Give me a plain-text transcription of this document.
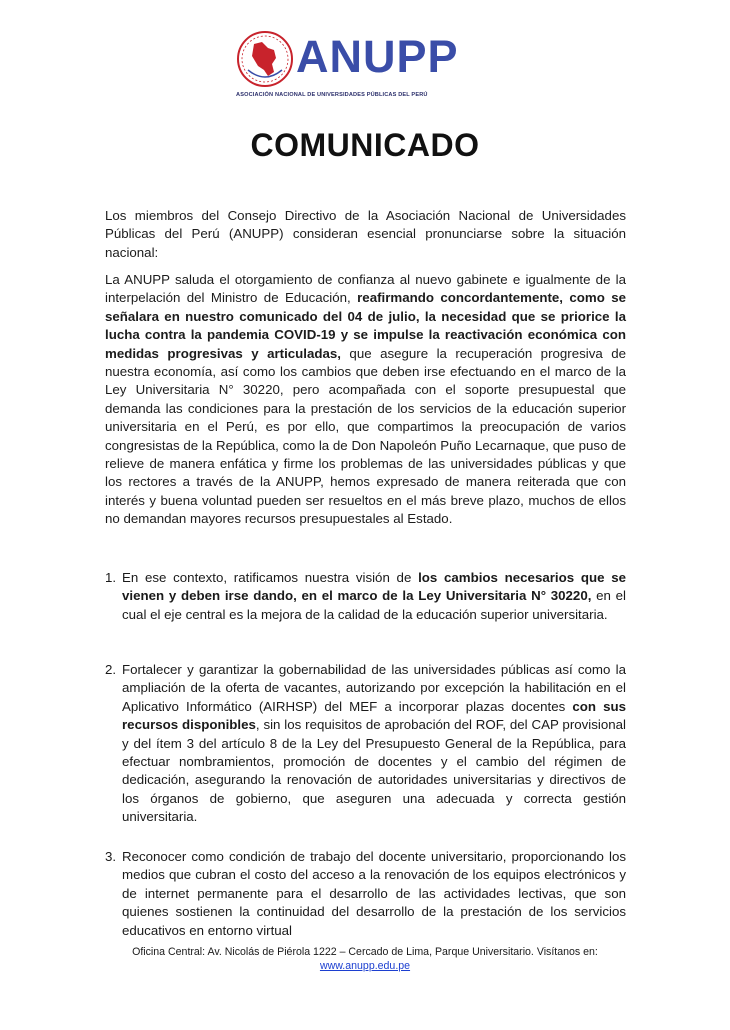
ANUPP
ASOCIACIÓN NACIONAL DE UNIVERSIDADES PÚBLICAS DEL PERÚ
COMUNICADO
Los miembros del Consejo Directivo de la Asociación Nacional de Universidades Públicas del Perú (ANUPP) consideran esencial pronunciarse sobre la situación nacional:
La ANUPP saluda el otorgamiento de confianza al nuevo gabinete e igualmente de la interpelación del Ministro de Educación, reafirmando concordantemente, como se señalara en nuestro comunicado del 04 de julio, la necesidad que se priorice la lucha contra la pandemia COVID-19 y se impulse la reactivación económica con medidas progresivas y articuladas, que asegure la recuperación progresiva de nuestra economía, así como los cambios que deben irse efectuando en el marco de la Ley Universitaria N° 30220, pero acompañada con el soporte presupuestal que demanda las condiciones para la prestación de los servicios de la educación superior universitaria en el Perú, es por ello, que compartimos la preocupación de varios congresistas de la República, como la de Don Napoleón Puño Lecarnaque, que puso de relieve de manera enfática y firme los problemas de las universidades públicas y que los rectores a través de la ANUPP, hemos expresado de manera reiterada que con interés y buena voluntad pueden ser resueltos en el más breve plazo, muchos de ellos no demandan mayores recursos presupuestales al Estado.
1. En ese contexto, ratificamos nuestra visión de los cambios necesarios que se vienen y deben irse dando, en el marco de la Ley Universitaria N° 30220, en el cual el eje central es la mejora de la calidad de la educación superior universitaria.
2. Fortalecer y garantizar la gobernabilidad de las universidades públicas así como la ampliación de la oferta de vacantes, autorizando por excepción la habilitación en el Aplicativo Informático (AIRHSP) del MEF a incorporar plazas docentes con sus recursos disponibles, sin los requisitos de aprobación del ROF, del CAP provisional y del ítem 3 del artículo 8 de la Ley del Presupuesto General de la República, para efectuar nombramientos, promoción de docentes y el cambio del régimen de dedicación, asegurando la renovación de autoridades universitarias y directivos de los órganos de gobierno, que aseguren una adecuada y correcta gestión universitaria.
3. Reconocer como condición de trabajo del docente universitario, proporcionando los medios que cubran el costo del acceso a la renovación de los equipos electrónicos y de internet permanente para el desarrollo de las actividades lectivas, que son quienes sostienen la continuidad del desarrollo de la prestación de los servicios educativos en entorno virtual
Oficina Central: Av. Nicolás de Piérola 1222 – Cercado de Lima, Parque Universitario. Visítanos en:
www.anupp.edu.pe
